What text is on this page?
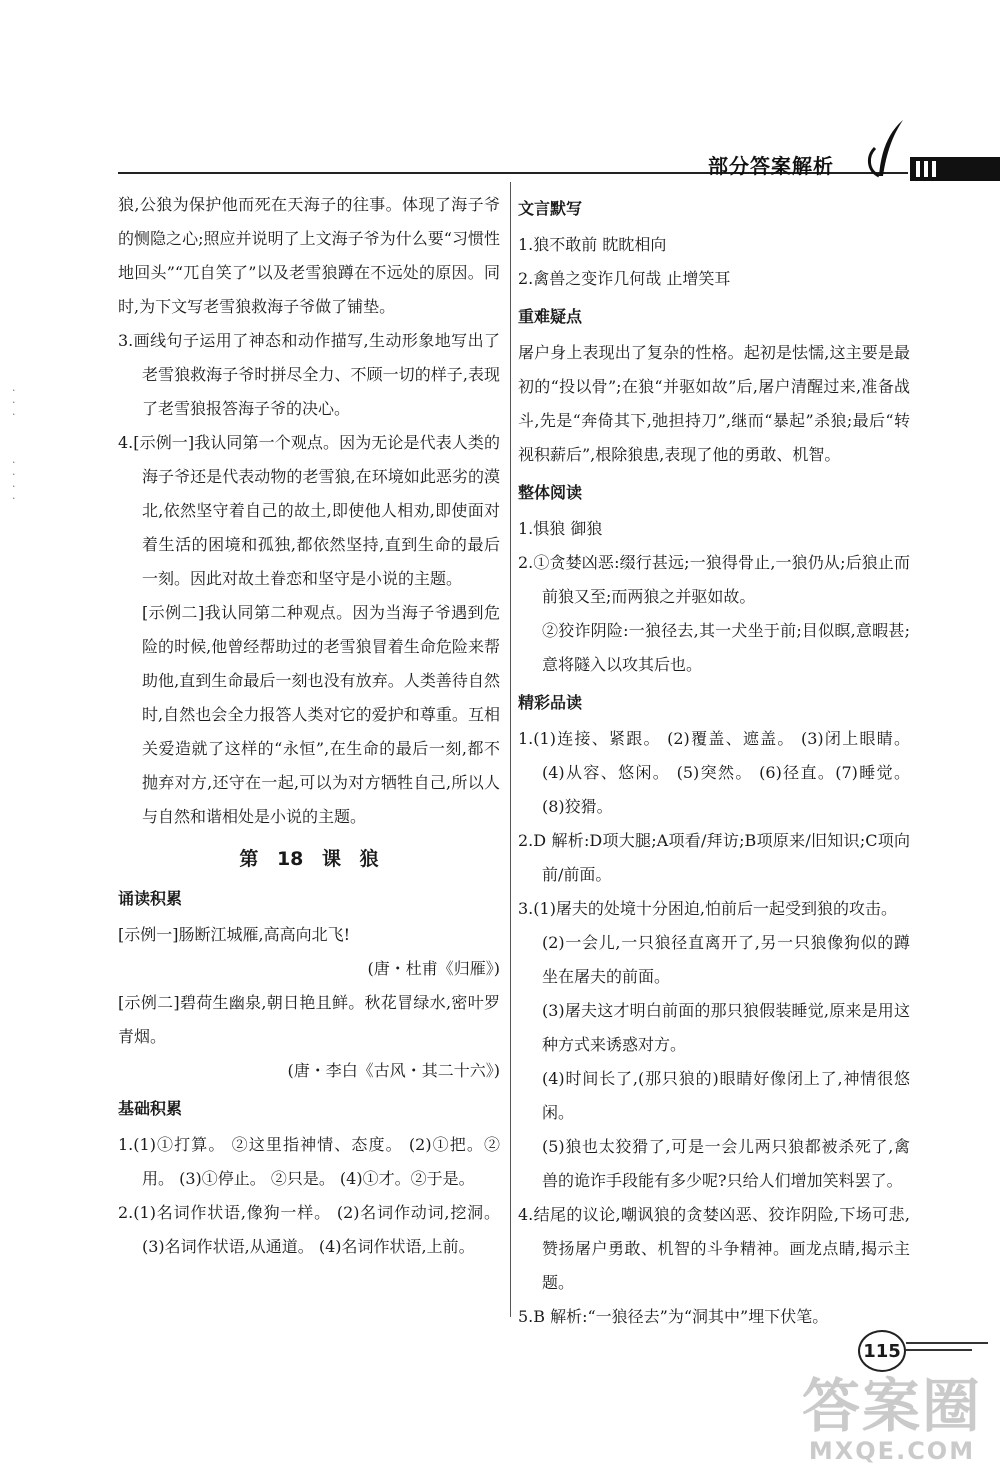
部分答案解析
·
·
·

·
·
·
·
狼,公狼为保护他而死在天海子的往事。体现了海子爷的恻隐之心;照应并说明了上文海子爷为什么要“习惯性地回头”“兀自笑了”以及老雪狼蹲在不远处的原因。同时,为下文写老雪狼救海子爷做了铺垫。
3.画线句子运用了神态和动作描写,生动形象地写出了老雪狼救海子爷时拼尽全力、不顾一切的样子,表现了老雪狼报答海子爷的决心。
4.[示例一]我认同第一个观点。因为无论是代表人类的海子爷还是代表动物的老雪狼,在环境如此恶劣的漠北,依然坚守着自己的故土,即使他人相劝,即使面对着生活的困境和孤独,都依然坚持,直到生命的最后一刻。因此对故土眷恋和坚守是小说的主题。
[示例二]我认同第二种观点。因为当海子爷遇到危险的时候,他曾经帮助过的老雪狼冒着生命危险来帮助他,直到生命最后一刻也没有放弃。人类善待自然时,自然也会全力报答人类对它的爱护和尊重。互相关爱造就了这样的“永恒”,在生命的最后一刻,都不抛弃对方,还守在一起,可以为对方牺牲自己,所以人与自然和谐相处是小说的主题。
第 18 课 狼
诵读积累
[示例一]肠断江城雁,高高向北飞!
(唐・杜甫《归雁》)
[示例二]碧荷生幽泉,朝日艳且鲜。秋花冒绿水,密叶罗青烟。
(唐・李白《古风・其二十六》)
基础积累
1.(1)①打算。 ②这里指神情、态度。 (2)①把。②用。 (3)①停止。 ②只是。 (4)①才。②于是。
2.(1)名词作状语,像狗一样。 (2)名词作动词,挖洞。 (3)名词作状语,从通道。 (4)名词作状语,上前。
文言默写
1.狼不敢前 眈眈相向
2.禽兽之变诈几何哉 止增笑耳
重难疑点
屠户身上表现出了复杂的性格。起初是怯懦,这主要是最初的“投以骨”;在狼“并驱如故”后,屠户清醒过来,准备战斗,先是“奔倚其下,弛担持刀”,继而“暴起”杀狼;最后“转视积薪后”,根除狼患,表现了他的勇敢、机智。
整体阅读
1.惧狼 御狼
2.①贪婪凶恶:缀行甚远;一狼得骨止,一狼仍从;后狼止而前狼又至;而两狼之并驱如故。
②狡诈阴险:一狼径去,其一犬坐于前;目似瞑,意暇甚;意将隧入以攻其后也。
精彩品读
1.(1)连接、紧跟。 (2)覆盖、遮盖。 (3)闭上眼睛。 (4)从容、悠闲。 (5)突然。 (6)径直。(7)睡觉。 (8)狡猾。
2.D 解析:D项大腿;A项看/拜访;B项原来/旧知识;C项向前/前面。
3.(1)屠夫的处境十分困迫,怕前后一起受到狼的攻击。
(2)一会儿,一只狼径直离开了,另一只狼像狗似的蹲坐在屠夫的前面。
(3)屠夫这才明白前面的那只狼假装睡觉,原来是用这种方式来诱惑对方。
(4)时间长了,(那只狼的)眼睛好像闭上了,神情很悠闲。
(5)狼也太狡猾了,可是一会儿两只狼都被杀死了,禽兽的诡诈手段能有多少呢?只给人们增加笑料罢了。
4.结尾的议论,嘲讽狼的贪婪凶恶、狡诈阴险,下场可悲,赞扬屠户勇敢、机智的斗争精神。画龙点睛,揭示主题。
5.B 解析:“一狼径去”为“洞其中”埋下伏笔。
115
答案圈
MXQE.COM
